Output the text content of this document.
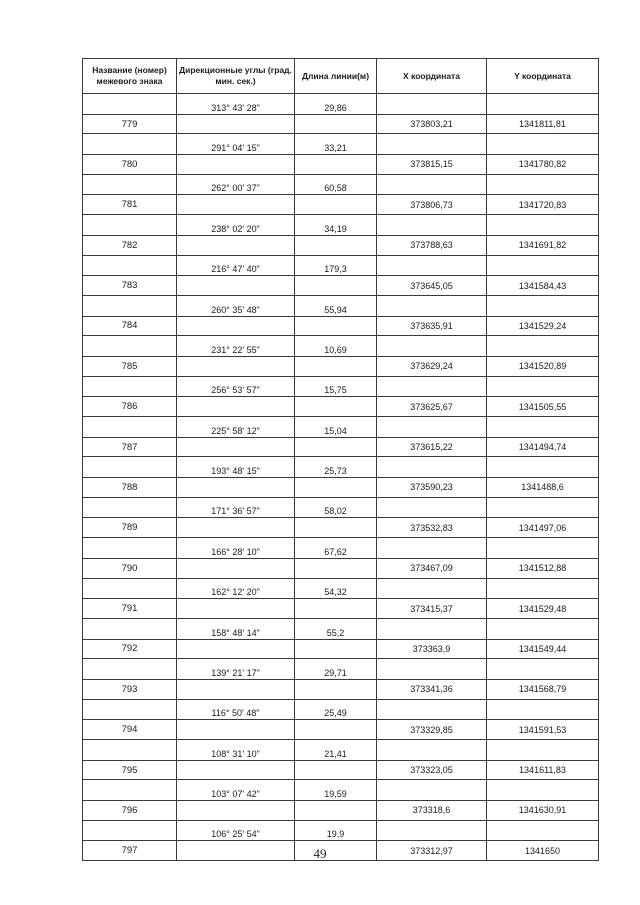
Название (номер) межевого знака	Дирекционные углы (град. мин. сек.)	Длина линии(м)	X координата	Y координата
	313° 43' 28"	29,86		
779			373803,21	1341811,81
	291° 04' 15"	33,21		
780			373815,15	1341780,82
	262° 00' 37"	60,58		
781			373806,73	1341720,83
	238° 02' 20"	34,19		
782			373788,63	1341691,82
	216° 47' 40"	179,3		
783			373645,05	1341584,43
	260° 35' 48"	55,94		
784			373635,91	1341529,24
	231° 22' 55"	10,69		
785			373629,24	1341520,89
	256° 53' 57"	15,75		
786			373625,67	1341505,55
	225° 58' 12"	15,04		
787			373615,22	1341494,74
	193° 48' 15"	25,73		
788			373590,23	1341488,6
	171° 36' 57"	58,02		
789			373532,83	1341497,06
	166° 28' 10"	67,62		
790			373467,09	1341512,88
	162° 12' 20"	54,32		
791			373415,37	1341529,48
	158° 48' 14"	55,2		
792			373363,9	1341549,44
	139° 21' 17"	29,71		
793			373341,36	1341568,79
	116° 50' 48"	25,49		
794			373329,85	1341591,53
	108° 31' 10"	21,41		
795			373323,05	1341611,83
	103° 07' 42"	19,59		
796			373318,6	1341630,91
	106° 25' 54"	19,9		
797			373312,97	1341650
49
